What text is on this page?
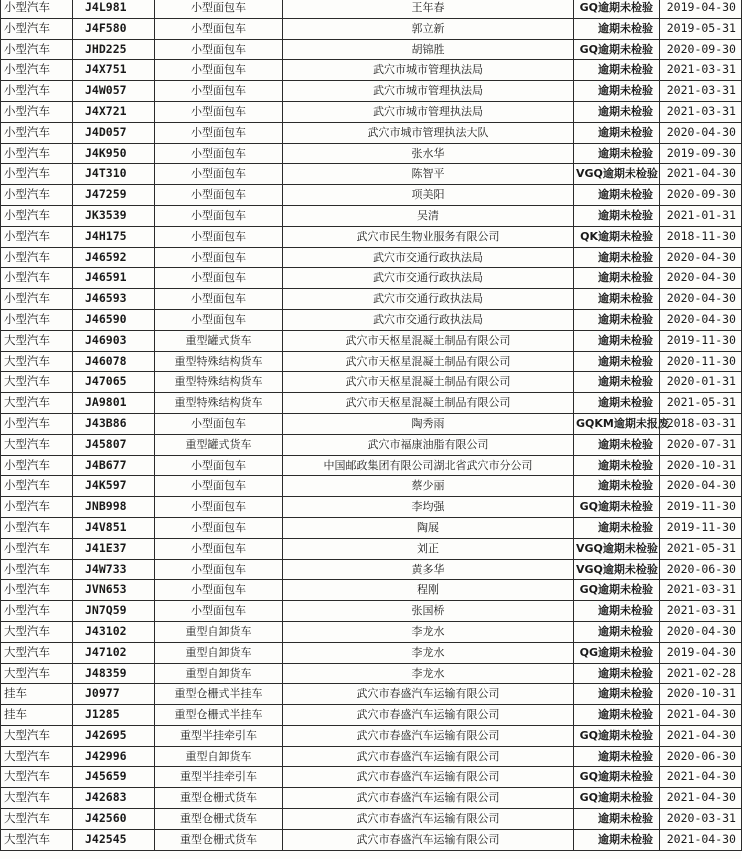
小型汽车	J4L981	小型面包车	王年春	GQ逾期未检验	2019-04-30
小型汽车	J4F580	小型面包车	郭立新	逾期未检验	2019-05-31
小型汽车	JHD225	小型面包车	胡锦胜	GQ逾期未检验	2020-09-30
小型汽车	J4X751	小型面包车	武穴市城市管理执法局	逾期未检验	2021-03-31
小型汽车	J4W057	小型面包车	武穴市城市管理执法局	逾期未检验	2021-03-31
小型汽车	J4X721	小型面包车	武穴市城市管理执法局	逾期未检验	2021-03-31
小型汽车	J4D057	小型面包车	武穴市城市管理执法大队	逾期未检验	2020-04-30
小型汽车	J4K950	小型面包车	张水华	逾期未检验	2019-09-30
小型汽车	J4T310	小型面包车	陈智平	VGQ逾期未检验	2021-04-30
小型汽车	J47259	小型面包车	项美阳	逾期未检验	2020-09-30
小型汽车	JK3539	小型面包车	吴清	逾期未检验	2021-01-31
小型汽车	J4H175	小型面包车	武穴市民生物业服务有限公司	QK逾期未检验	2018-11-30
小型汽车	J46592	小型面包车	武穴市交通行政执法局	逾期未检验	2020-04-30
小型汽车	J46591	小型面包车	武穴市交通行政执法局	逾期未检验	2020-04-30
小型汽车	J46593	小型面包车	武穴市交通行政执法局	逾期未检验	2020-04-30
小型汽车	J46590	小型面包车	武穴市交通行政执法局	逾期未检验	2020-04-30
大型汽车	J46903	重型罐式货车	武穴市天枢星混凝土制品有限公司	逾期未检验	2019-11-30
大型汽车	J46078	重型特殊结构货车	武穴市天枢星混凝土制品有限公司	逾期未检验	2020-11-30
大型汽车	J47065	重型特殊结构货车	武穴市天枢星混凝土制品有限公司	逾期未检验	2020-01-31
大型汽车	JA9801	重型特殊结构货车	武穴市天枢星混凝土制品有限公司	逾期未检验	2021-05-31
小型汽车	J43B86	小型面包车	陶秀雨	GQKM逾期未报废	2018-03-31
大型汽车	J45807	重型罐式货车	武穴市福康油脂有限公司	逾期未检验	2020-07-31
小型汽车	J4B677	小型面包车	中国邮政集团有限公司湖北省武穴市分公司	逾期未检验	2020-10-31
小型汽车	J4K597	小型面包车	蔡少丽	逾期未检验	2020-04-30
小型汽车	JNB998	小型面包车	李均强	GQ逾期未检验	2019-11-30
小型汽车	J4V851	小型面包车	陶展	逾期未检验	2019-11-30
小型汽车	J41E37	小型面包车	刘正	VGQ逾期未检验	2021-05-31
小型汽车	J4W733	小型面包车	黄多华	VGQ逾期未检验	2020-06-30
小型汽车	JVN653	小型面包车	程刚	GQ逾期未检验	2021-03-31
小型汽车	JN7Q59	小型面包车	张国桥	逾期未检验	2021-03-31
大型汽车	J43102	重型自卸货车	李龙水	逾期未检验	2020-04-30
大型汽车	J47102	重型自卸货车	李龙水	QG逾期未检验	2019-04-30
大型汽车	J48359	重型自卸货车	李龙水	逾期未检验	2021-02-28
挂车	J0977	重型仓栅式半挂车	武穴市春盛汽车运输有限公司	逾期未检验	2020-10-31
挂车	J1285	重型仓栅式半挂车	武穴市春盛汽车运输有限公司	逾期未检验	2021-04-30
大型汽车	J42695	重型半挂牵引车	武穴市春盛汽车运输有限公司	GQ逾期未检验	2021-04-30
大型汽车	J42996	重型自卸货车	武穴市春盛汽车运输有限公司	逾期未检验	2020-06-30
大型汽车	J45659	重型半挂牵引车	武穴市春盛汽车运输有限公司	GQ逾期未检验	2021-04-30
大型汽车	J42683	重型仓栅式货车	武穴市春盛汽车运输有限公司	GQ逾期未检验	2021-04-30
大型汽车	J42560	重型仓栅式货车	武穴市春盛汽车运输有限公司	逾期未检验	2020-03-31
大型汽车	J42545	重型仓栅式货车	武穴市春盛汽车运输有限公司	逾期未检验	2021-04-30
